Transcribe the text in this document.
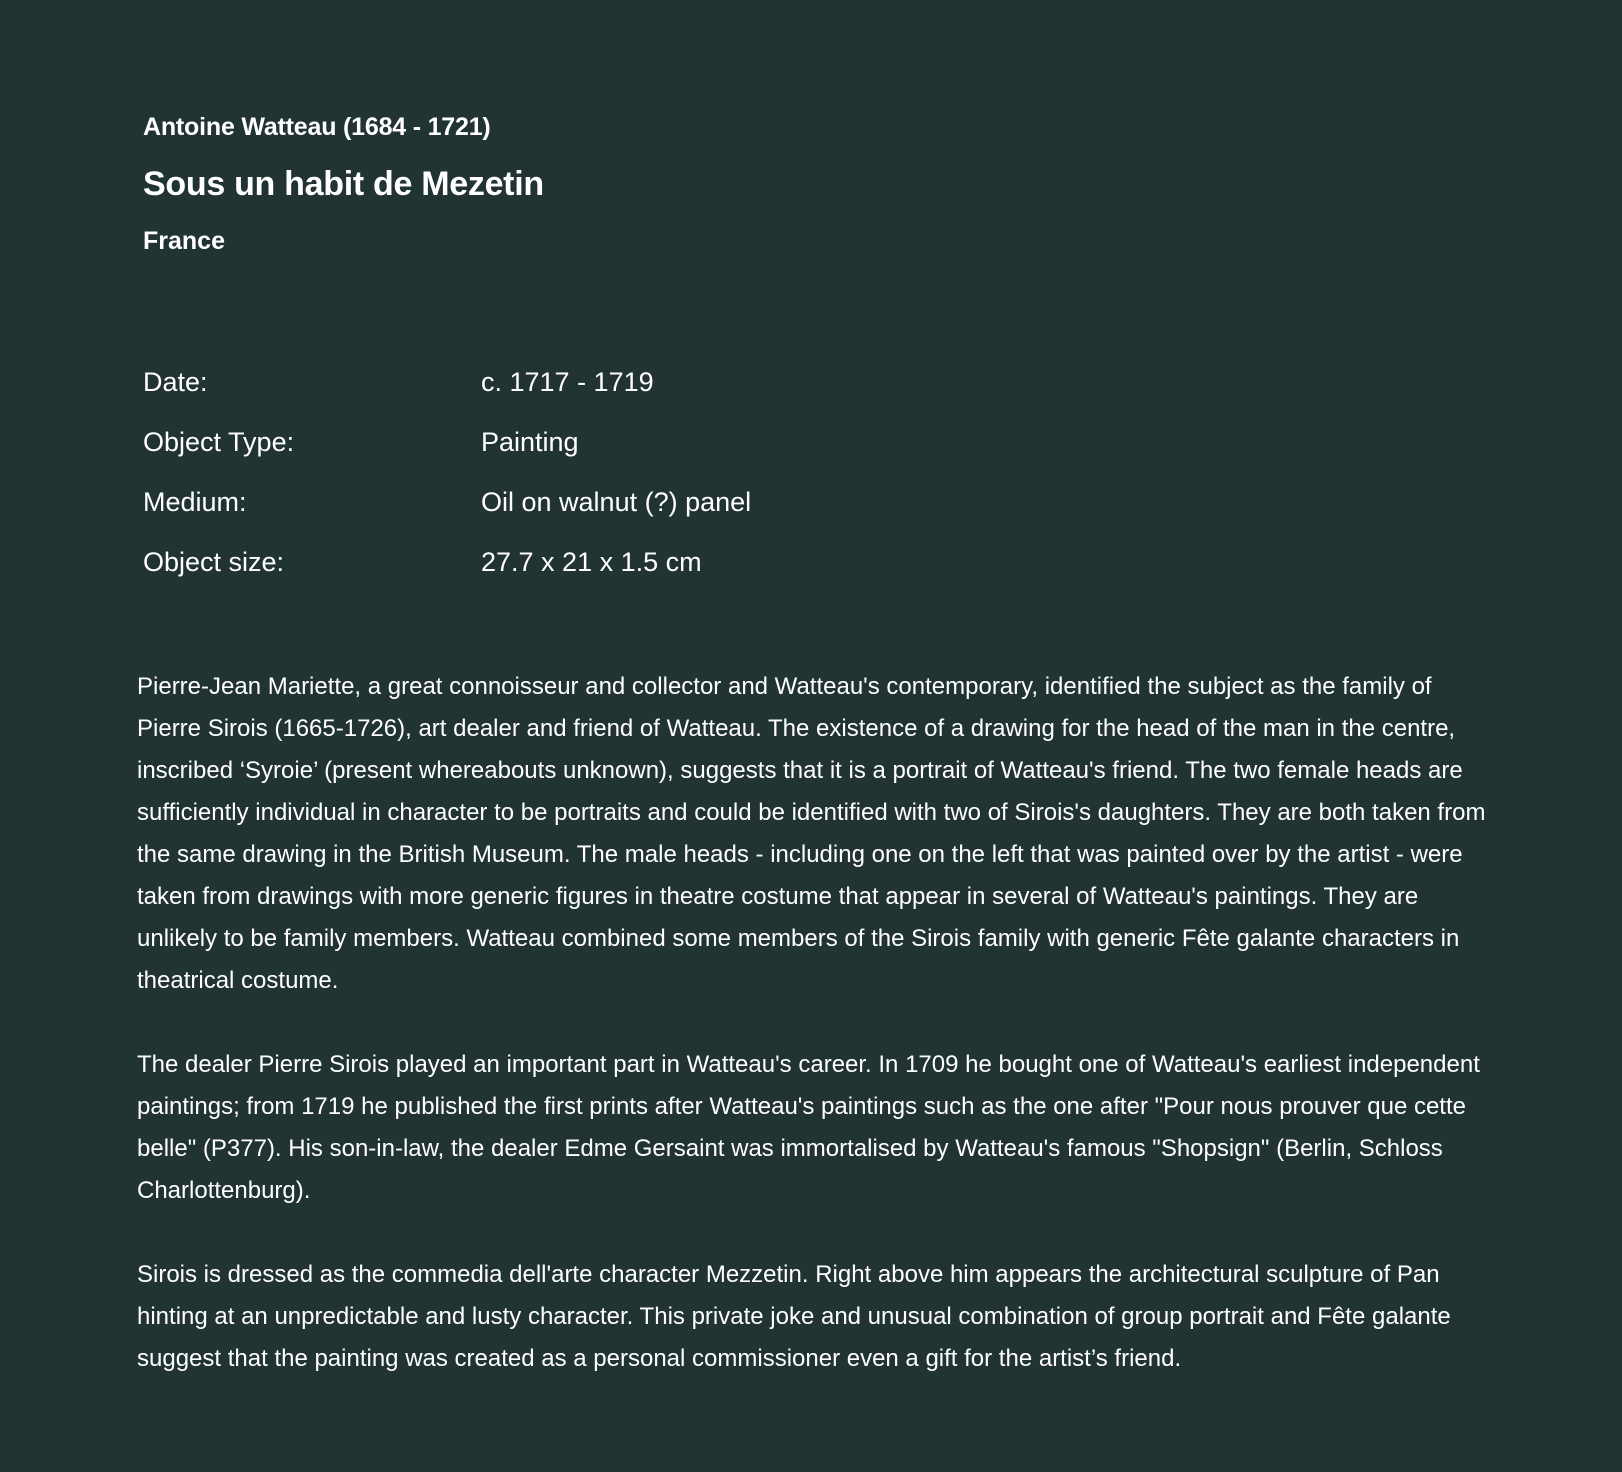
Antoine Watteau (1684 - 1721)
Sous un habit de Mezetin
France
Date:	c. 1717 - 1719
Object Type:	Painting
Medium:	Oil on walnut (?) panel
Object size:	27.7 x 21 x 1.5 cm

Pierre-Jean Mariette, a great connoisseur and collector and Watteau's contemporary, identified the subject as the family of Pierre Sirois (1665-1726), art dealer and friend of Watteau. The existence of a drawing for the head of the man in the centre, inscribed ‘Syroie’ (present whereabouts unknown), suggests that it is a portrait of Watteau's friend. The two female heads are sufficiently individual in character to be portraits and could be identified with two of Sirois's daughters. They are both taken from the same drawing in the British Museum. The male heads - including one on the left that was painted over by the artist - were taken from drawings with more generic figures in theatre costume that appear in several of Watteau's paintings. They are unlikely to be family members. Watteau combined some members of the Sirois family with generic Fête galante characters in theatrical costume.

The dealer Pierre Sirois played an important part in Watteau's career. In 1709 he bought one of Watteau's earliest independent paintings; from 1719 he published the first prints after Watteau's paintings such as the one after "Pour nous prouver que cette belle" (P377). His son-in-law, the dealer Edme Gersaint was immortalised by Watteau's famous "Shopsign" (Berlin, Schloss Charlottenburg).

Sirois is dressed as the commedia dell'arte character Mezzetin. Right above him appears the architectural sculpture of Pan hinting at an unpredictable and lusty character. This private joke and unusual combination of group portrait and Fête galante suggest that the painting was created as a personal commissioner even a gift for the artist’s friend.
